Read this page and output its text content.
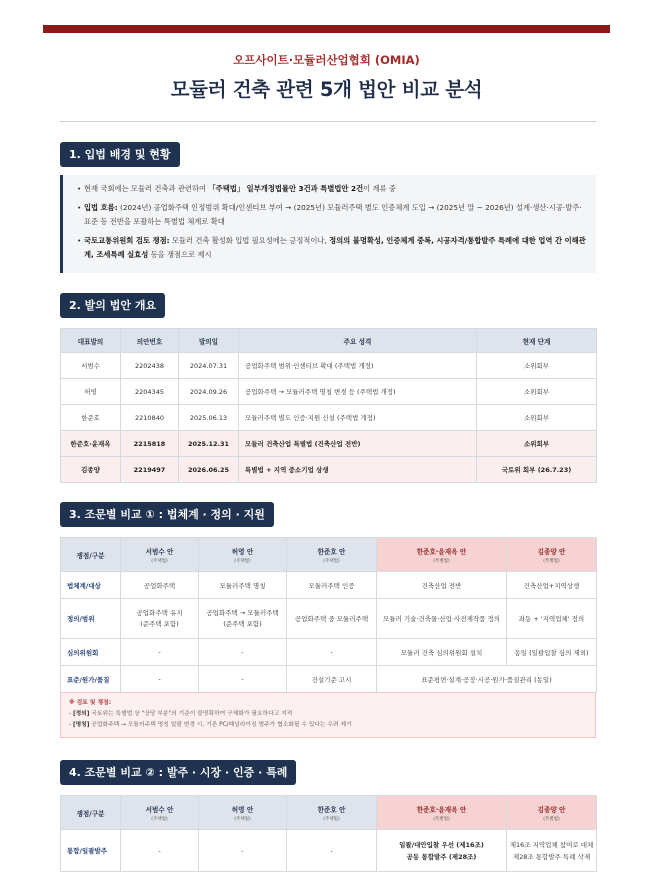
오프사이트·모듈러산업협회 (OMIA)
모듈러 건축 관련 5개 법안 비교 분석
1. 입법 배경 및 현황
• 현재 국회에는 모듈러 건축과 관련하여 「주택법」 일부개정법률안 3건과 특별법안 2건이 계류 중
• 입법 흐름: (2024년) 공업화주택 인정범위 확대/인센티브 부여 → (2025년) 모듈러주택 별도 인증체계 도입 → (2025년 말 ~ 2026년) 설계·생산·시공·발주·표준 등 전반을 포괄하는 특별법 체계로 확대
• 국토교통위원회 검토 쟁점: 모듈러 건축 활성화 입법 필요성에는 긍정적이나, 정의의 불명확성, 인증체계 중복, 시공자격/통합발주 특례에 대한 업역 간 이해관계, 조세특례 실효성 등을 쟁점으로 제시
2. 발의 법안 개요
대표발의	의안번호	발의일	주요 성격	현재 단계
서범수	2202438	2024.07.31	공업화주택 범위·인센티브 확대 (주택법 개정)	소위회부
허영	2204345	2024.09.26	공업화주택 → 모듈러주택 명칭 변경 등 (주택법 개정)	소위회부
한준호	2210840	2025.06.13	모듈러주택 별도 인증·지원 신설 (주택법 개정)	소위회부
한준호·윤재옥	2215818	2025.12.31	모듈러 건축산업 특별법 (건축산업 전반)	소위회부
김종양	2219497	2026.06.25	특별법 + 지역 중소기업 상생	국토위 회부 (26.7.23)
3. 조문별 비교 ① : 법체계 · 정의 · 지원
쟁점/구분	서범수 안
(주택법)	허영 안
(주택법)	한준호 안
(주택법)	한준호·윤재옥 안
(특별법)	김종양 안
(특별법)

법체계/대상	공업화주택	모듈러주택 명칭	모듈러주택 인증	건축산업 전반	건축산업+지역상생
정의/범위	공업화주택 유지
(준주택 포함)	공업화주택 → 모듈러주택
(준주택 포함)	공업화주택 중 모듈러주택	모듈러 기술·건축물·산업·사전제작품 정의	좌동 + '지역업체' 정의
심의위원회	-	-	-	모듈러 건축 심의위원회 설치	동일 (일괄입찰 심의 제외)
표준/원가/품질	-	-	건설기준 고시	표준평면·설계·공장·시공·원가·품질관리 (동일)	
※ 검토 및 쟁점:
- [정의] 국토위는 특별법 상 "상당 부분"의 기준이 불명확하여 구체화가 필요하다고 지적
- [명칭] 공업화주택 → 모듈러주택 명칭 일괄 변경 시, 기존 PC/패널라이징 범주가 협소화될 수 있다는 우려 제기
4. 조문별 비교 ② : 발주 · 시장 · 인증 · 특례
쟁점/구분	서범수 안
(주택법)	허영 안
(주택법)	한준호 안
(주택법)	한준호·윤재옥 안
(특별법)	김종양 안
(특별법)

통합/일괄발주	-	-	-	일괄/대안입찰 우선 (제16조)
공동 통합발주 (제28조)	제16조 지역업체 참여로 대체
제28조 통합발주 특례 삭제
